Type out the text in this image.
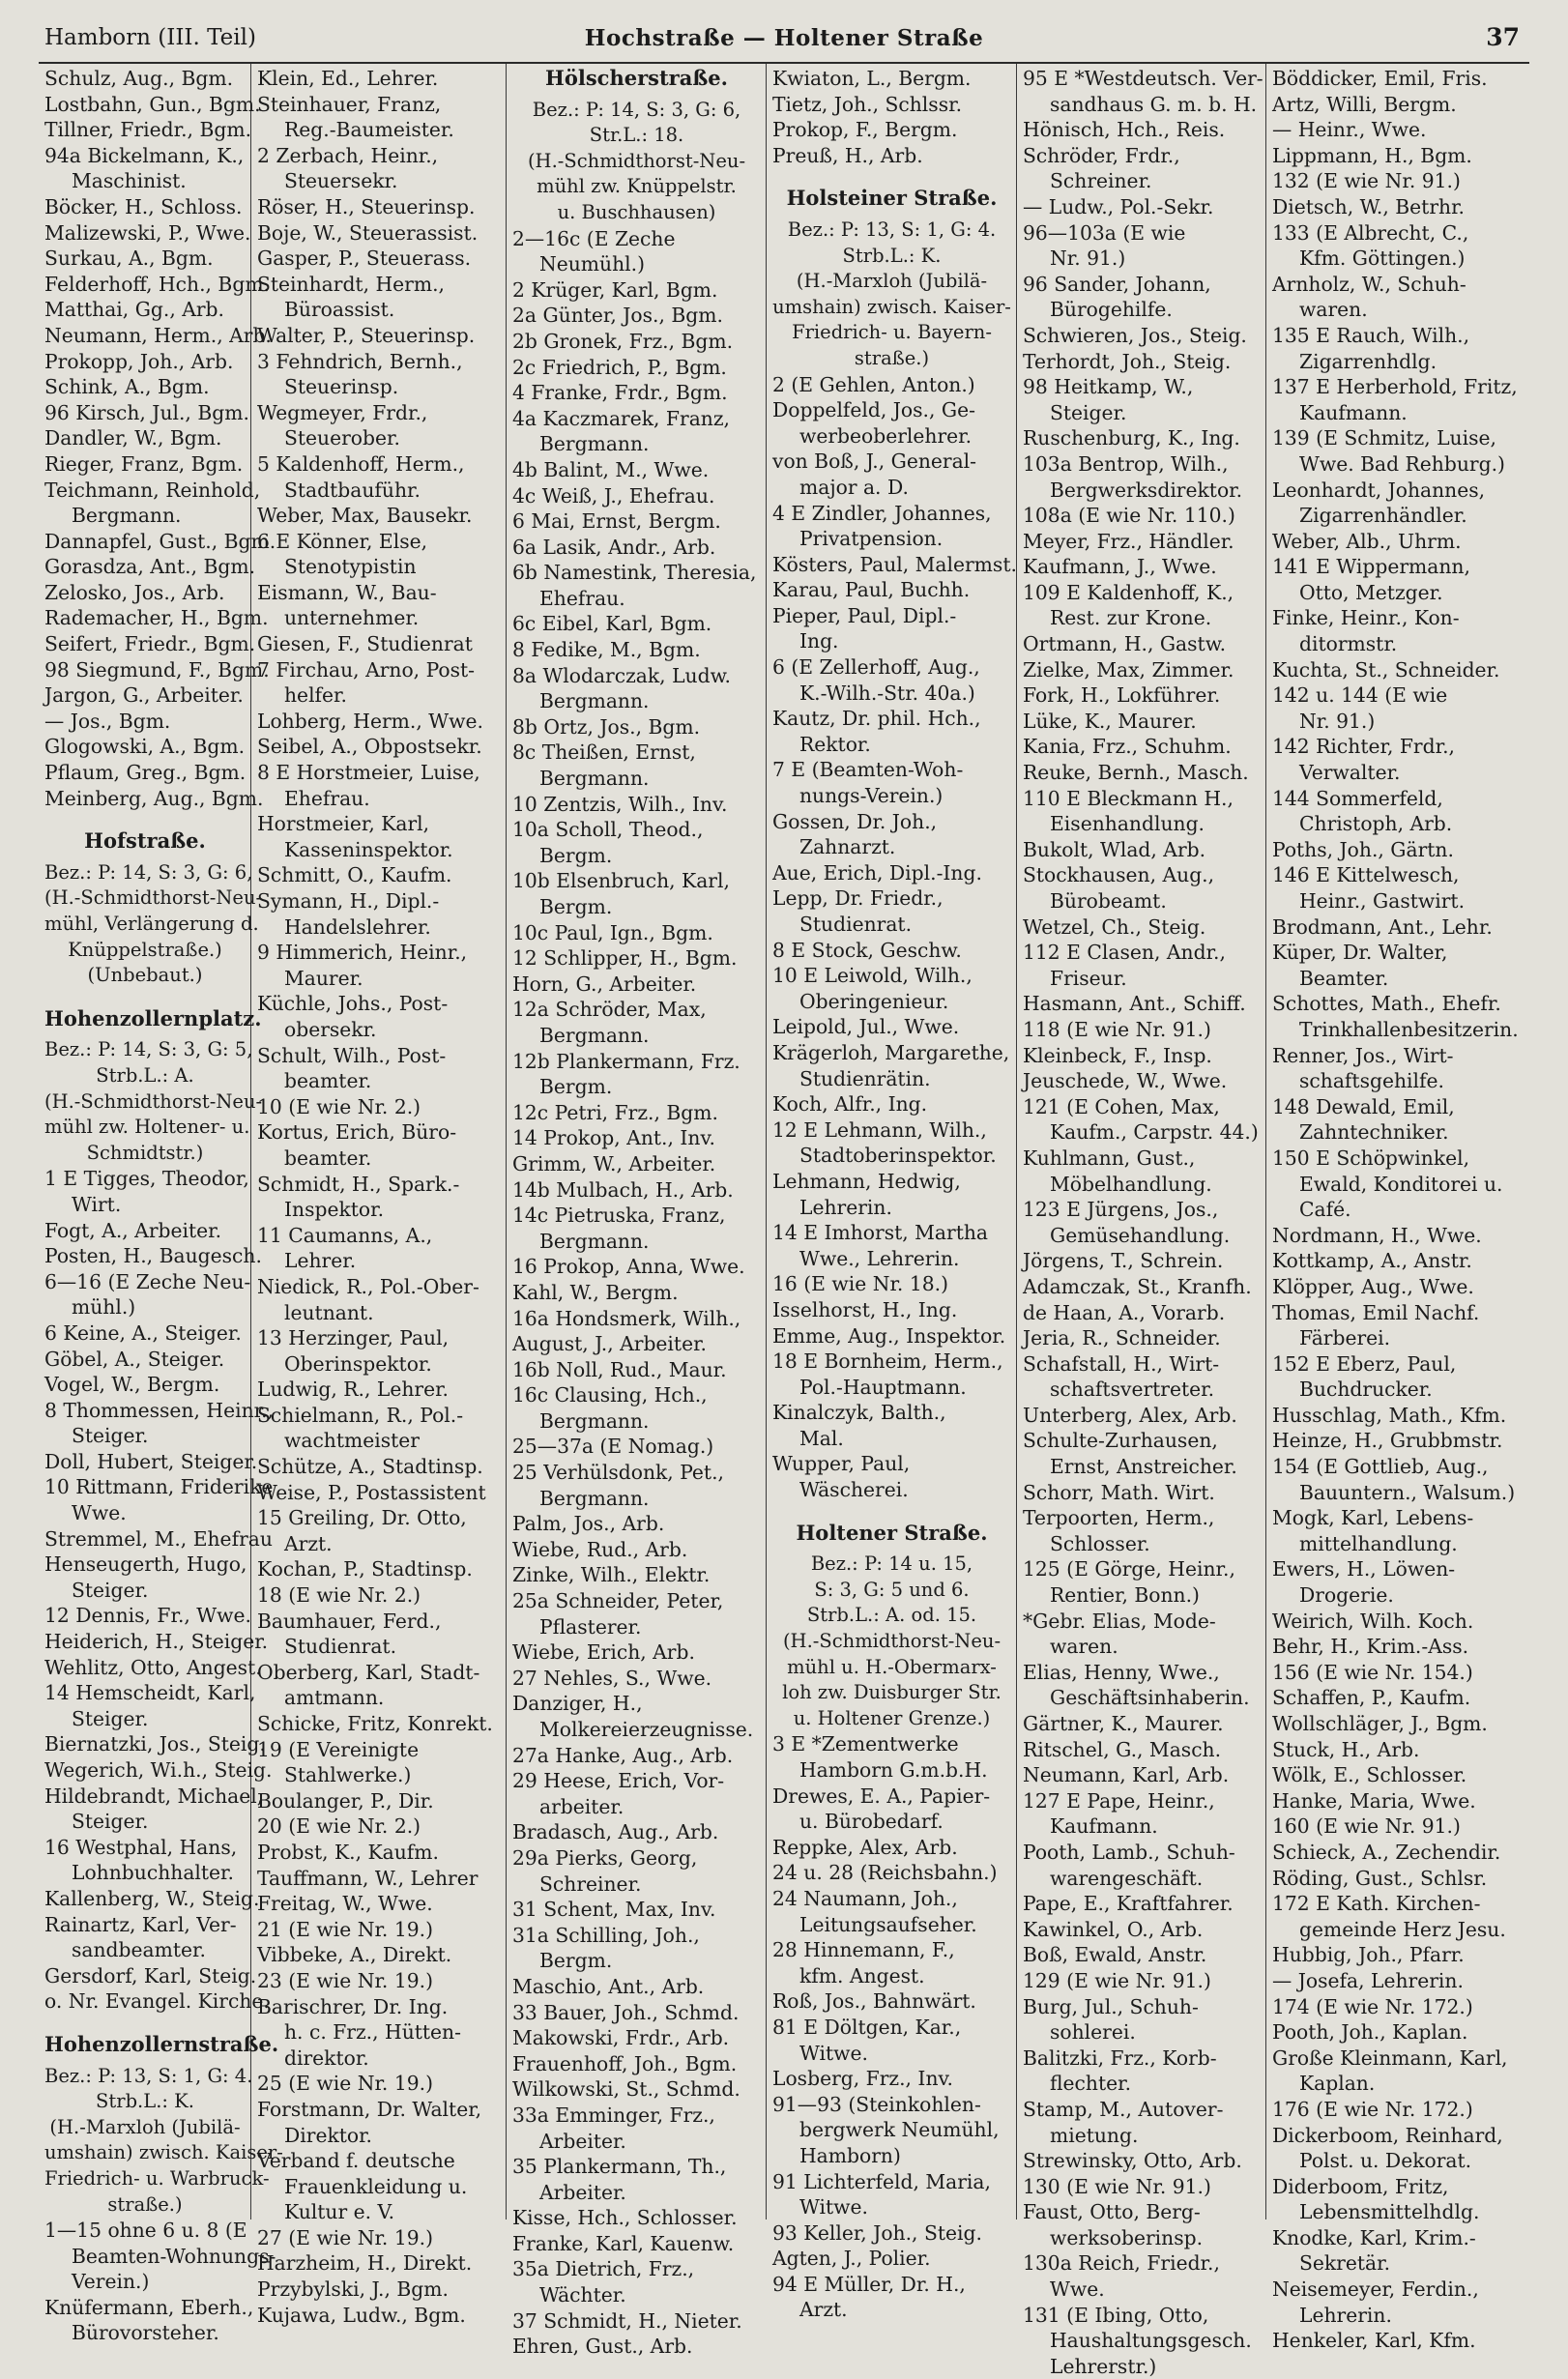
Hamborn (III. Teil)	Hochstraße — Holtener Straße	37
Schulz, Aug., Bgm.
Lostbahn, Gun., Bgm.
Tillner, Friedr., Bgm.
94a Bickelmann, K.,
Maschinist.
Böcker, H., Schloss.
Malizewski, P., Wwe.
Surkau, A., Bgm.
Felderhoff, Hch., Bgm.
Matthai, Gg., Arb.
Neumann, Herm., Arb.
Prokopp, Joh., Arb.
Schink, A., Bgm.
96 Kirsch, Jul., Bgm.
Dandler, W., Bgm.
Rieger, Franz, Bgm.
Teichmann, Reinhold,
Bergmann.
Dannapfel, Gust., Bgm.
Gorasdza, Ant., Bgm.
Zelosko, Jos., Arb.
Rademacher, H., Bgm.
Seifert, Friedr., Bgm.
98 Siegmund, F., Bgm.
Jargon, G., Arbeiter.
— Jos., Bgm.
Glogowski, A., Bgm.
Pflaum, Greg., Bgm.
Meinberg, Aug., Bgm.
Hofstraße.
Bez.: P: 14, S: 3, G: 6,
(H.-Schmidthorst-Neu-
mühl, Verlängerung d.
Knüppelstraße.)
(Unbebaut.)
Hohenzollernplatz.
Bez.: P: 14, S: 3, G: 5,
Strb.L.: A.
(H.-Schmidthorst-Neu-
mühl zw. Holtener- u.
Schmidtstr.)
1 E Tigges, Theodor,
Wirt.
Fogt, A., Arbeiter.
Posten, H., Baugesch.
6—16 (E Zeche Neu-
mühl.)
6 Keine, A., Steiger.
Göbel, A., Steiger.
Vogel, W., Bergm.
8 Thommessen, Heinr.,
Steiger.
Doll, Hubert, Steiger.
10 Rittmann, Friderike
Wwe.
Stremmel, M., Ehefrau
Henseugerth, Hugo,
Steiger.
12 Dennis, Fr., Wwe.
Heiderich, H., Steiger.
Wehlitz, Otto, Angest.
14 Hemscheidt, Karl,
Steiger.
Biernatzki, Jos., Steig.
Wegerich, Wi.h., Steig.
Hildebrandt, Michael,
Steiger.
16 Westphal, Hans,
Lohnbuchhalter.
Kallenberg, W., Steig.
Rainartz, Karl, Ver-
sandbeamter.
Gersdorf, Karl, Steig.
o. Nr. Evangel. Kirche.
Hohenzollernstraße.
Bez.: P: 13, S: 1, G: 4.
Strb.L.: K.
(H.-Marxloh (Jubilä-
umshain) zwisch. Kaiser-
Friedrich- u. Warbruck-
straße.)
1—15 ohne 6 u. 8 (E
Beamten-Wohnungs-
Verein.)
Knüfermann, Eberh.,
Bürovorsteher.
Klein, Ed., Lehrer.
Steinhauer, Franz,
Reg.-Baumeister.
2 Zerbach, Heinr.,
Steuersekr.
Röser, H., Steuerinsp.
Boje, W., Steuerassist.
Gasper, P., Steuerass.
Steinhardt, Herm.,
Büroassist.
Walter, P., Steuerinsp.
3 Fehndrich, Bernh.,
Steuerinsp.
Wegmeyer, Frdr.,
Steuerober.
5 Kaldenhoff, Herm.,
Stadtbauführ.
Weber, Max, Bausekr.
6 E Könner, Else,
Stenotypistin
Eismann, W., Bau-
unternehmer.
Giesen, F., Studienrat
7 Firchau, Arno, Post-
helfer.
Lohberg, Herm., Wwe.
Seibel, A., Obpostsekr.
8 E Horstmeier, Luise,
Ehefrau.
Horstmeier, Karl,
Kasseninspektor.
Schmitt, O., Kaufm.
Symann, H., Dipl.-
Handelslehrer.
9 Himmerich, Heinr.,
Maurer.
Küchle, Johs., Post-
obersekr.
Schult, Wilh., Post-
beamter.
10 (E wie Nr. 2.)
Kortus, Erich, Büro-
beamter.
Schmidt, H., Spark.-
Inspektor.
11 Caumanns, A.,
Lehrer.
Niedick, R., Pol.-Ober-
leutnant.
13 Herzinger, Paul,
Oberinspektor.
Ludwig, R., Lehrer.
Schielmann, R., Pol.-
wachtmeister
Schütze, A., Stadtinsp.
Weise, P., Postassistent
15 Greiling, Dr. Otto,
Arzt.
Kochan, P., Stadtinsp.
18 (E wie Nr. 2.)
Baumhauer, Ferd.,
Studienrat.
Oberberg, Karl, Stadt-
amtmann.
Schicke, Fritz, Konrekt.
19 (E Vereinigte
Stahlwerke.)
Boulanger, P., Dir.
20 (E wie Nr. 2.)
Probst, K., Kaufm.
Tauffmann, W., Lehrer
Freitag, W., Wwe.
21 (E wie Nr. 19.)
Vibbeke, A., Direkt.
23 (E wie Nr. 19.)
Barischrer, Dr. Ing.
h. c. Frz., Hütten-
direktor.
25 (E wie Nr. 19.)
Forstmann, Dr. Walter,
Direktor.
Verband f. deutsche
Frauenkleidung u.
Kultur e. V.
27 (E wie Nr. 19.)
Harzheim, H., Direkt.
Przybylski, J., Bgm.
Kujawa, Ludw., Bgm.
Hölscherstraße.
Bez.: P: 14, S: 3, G: 6,
Str.L.: 18.
(H.-Schmidthorst-Neu-
mühl zw. Knüppelstr.
u. Buschhausen)
2—16c (E Zeche
Neumühl.)
2 Krüger, Karl, Bgm.
2a Günter, Jos., Bgm.
2b Gronek, Frz., Bgm.
2c Friedrich, P., Bgm.
4 Franke, Frdr., Bgm.
4a Kaczmarek, Franz,
Bergmann.
4b Balint, M., Wwe.
4c Weiß, J., Ehefrau.
6 Mai, Ernst, Bergm.
6a Lasik, Andr., Arb.
6b Namestink, Theresia,
Ehefrau.
6c Eibel, Karl, Bgm.
8 Fedike, M., Bgm.
8a Wlodarczak, Ludw.
Bergmann.
8b Ortz, Jos., Bgm.
8c Theißen, Ernst,
Bergmann.
10 Zentzis, Wilh., Inv.
10a Scholl, Theod.,
Bergm.
10b Elsenbruch, Karl,
Bergm.
10c Paul, Ign., Bgm.
12 Schlipper, H., Bgm.
Horn, G., Arbeiter.
12a Schröder, Max,
Bergmann.
12b Plankermann, Frz.
Bergm.
12c Petri, Frz., Bgm.
14 Prokop, Ant., Inv.
Grimm, W., Arbeiter.
14b Mulbach, H., Arb.
14c Pietruska, Franz,
Bergmann.
16 Prokop, Anna, Wwe.
Kahl, W., Bergm.
16a Hondsmerk, Wilh.,
August, J., Arbeiter.
16b Noll, Rud., Maur.
16c Clausing, Hch.,
Bergmann.
25—37a (E Nomag.)
25 Verhülsdonk, Pet.,
Bergmann.
Palm, Jos., Arb.
Wiebe, Rud., Arb.
Zinke, Wilh., Elektr.
25a Schneider, Peter,
Pflasterer.
Wiebe, Erich, Arb.
27 Nehles, S., Wwe.
Danziger, H.,
Molkereierzeugnisse.
27a Hanke, Aug., Arb.
29 Heese, Erich, Vor-
arbeiter.
Bradasch, Aug., Arb.
29a Pierks, Georg,
Schreiner.
31 Schent, Max, Inv.
31a Schilling, Joh.,
Bergm.
Maschio, Ant., Arb.
33 Bauer, Joh., Schmd.
Makowski, Frdr., Arb.
Frauenhoff, Joh., Bgm.
Wilkowski, St., Schmd.
33a Emminger, Frz.,
Arbeiter.
35 Plankermann, Th.,
Arbeiter.
Kisse, Hch., Schlosser.
Franke, Karl, Kauenw.
35a Dietrich, Frz.,
Wächter.
37 Schmidt, H., Nieter.
Ehren, Gust., Arb.
Kwiaton, L., Bergm.
Tietz, Joh., Schlssr.
Prokop, F., Bergm.
Preuß, H., Arb.
Holsteiner Straße.
Bez.: P: 13, S: 1, G: 4.
Strb.L.: K.
(H.-Marxloh (Jubilä-
umshain) zwisch. Kaiser-
Friedrich- u. Bayern-
straße.)
2 (E Gehlen, Anton.)
Doppelfeld, Jos., Ge-
werbeoberlehrer.
von Boß, J., General-
major a. D.
4 E Zindler, Johannes,
Privatpension.
Kösters, Paul, Malermst.
Karau, Paul, Buchh.
Pieper, Paul, Dipl.-
Ing.
6 (E Zellerhoff, Aug.,
K.-Wilh.-Str. 40a.)
Kautz, Dr. phil. Hch.,
Rektor.
7 E (Beamten-Woh-
nungs-Verein.)
Gossen, Dr. Joh.,
Zahnarzt.
Aue, Erich, Dipl.-Ing.
Lepp, Dr. Friedr.,
Studienrat.
8 E Stock, Geschw.
10 E Leiwold, Wilh.,
Oberingenieur.
Leipold, Jul., Wwe.
Krägerloh, Margarethe,
Studienrätin.
Koch, Alfr., Ing.
12 E Lehmann, Wilh.,
Stadtoberinspektor.
Lehmann, Hedwig,
Lehrerin.
14 E Imhorst, Martha
Wwe., Lehrerin.
16 (E wie Nr. 18.)
Isselhorst, H., Ing.
Emme, Aug., Inspektor.
18 E Bornheim, Herm.,
Pol.-Hauptmann.
Kinalczyk, Balth.,
Mal.
Wupper, Paul,
Wäscherei.
Holtener Straße.
Bez.: P: 14 u. 15,
S: 3, G: 5 und 6.
Strb.L.: A. od. 15.
(H.-Schmidthorst-Neu-
mühl u. H.-Obermarx-
loh zw. Duisburger Str.
u. Holtener Grenze.)
3 E *Zementwerke
Hamborn G.m.b.H.
Drewes, E. A., Papier-
u. Bürobedarf.
Reppke, Alex, Arb.
24 u. 28 (Reichsbahn.)
24 Naumann, Joh.,
Leitungsaufseher.
28 Hinnemann, F.,
kfm. Angest.
Roß, Jos., Bahnwärt.
81 E Döltgen, Kar.,
Witwe.
Losberg, Frz., Inv.
91—93 (Steinkohlen-
bergwerk Neumühl,
Hamborn)
91 Lichterfeld, Maria,
Witwe.
93 Keller, Joh., Steig.
Agten, J., Polier.
94 E Müller, Dr. H.,
Arzt.
95 E *Westdeutsch. Ver-
sandhaus G. m. b. H.
Hönisch, Hch., Reis.
Schröder, Frdr.,
Schreiner.
— Ludw., Pol.-Sekr.
96—103a (E wie
Nr. 91.)
96 Sander, Johann,
Bürogehilfe.
Schwieren, Jos., Steig.
Terhordt, Joh., Steig.
98 Heitkamp, W.,
Steiger.
Ruschenburg, K., Ing.
103a Bentrop, Wilh.,
Bergwerksdirektor.
108a (E wie Nr. 110.)
Meyer, Frz., Händler.
Kaufmann, J., Wwe.
109 E Kaldenhoff, K.,
Rest. zur Krone.
Ortmann, H., Gastw.
Zielke, Max, Zimmer.
Fork, H., Lokführer.
Lüke, K., Maurer.
Kania, Frz., Schuhm.
Reuke, Bernh., Masch.
110 E Bleckmann H.,
Eisenhandlung.
Bukolt, Wlad, Arb.
Stockhausen, Aug.,
Bürobeamt.
Wetzel, Ch., Steig.
112 E Clasen, Andr.,
Friseur.
Hasmann, Ant., Schiff.
118 (E wie Nr. 91.)
Kleinbeck, F., Insp.
Jeuschede, W., Wwe.
121 (E Cohen, Max,
Kaufm., Carpstr. 44.)
Kuhlmann, Gust.,
Möbelhandlung.
123 E Jürgens, Jos.,
Gemüsehandlung.
Jörgens, T., Schrein.
Adamczak, St., Kranfh.
de Haan, A., Vorarb.
Jeria, R., Schneider.
Schafstall, H., Wirt-
schaftsvertreter.
Unterberg, Alex, Arb.
Schulte-Zurhausen,
Ernst, Anstreicher.
Schorr, Math. Wirt.
Terpoorten, Herm.,
Schlosser.
125 (E Görge, Heinr.,
Rentier, Bonn.)
*Gebr. Elias, Mode-
waren.
Elias, Henny, Wwe.,
Geschäftsinhaberin.
Gärtner, K., Maurer.
Ritschel, G., Masch.
Neumann, Karl, Arb.
127 E Pape, Heinr.,
Kaufmann.
Pooth, Lamb., Schuh-
warengeschäft.
Pape, E., Kraftfahrer.
Kawinkel, O., Arb.
Boß, Ewald, Anstr.
129 (E wie Nr. 91.)
Burg, Jul., Schuh-
sohlerei.
Balitzki, Frz., Korb-
flechter.
Stamp, M., Autover-
mietung.
Strewinsky, Otto, Arb.
130 (E wie Nr. 91.)
Faust, Otto, Berg-
werksoberinsp.
130a Reich, Friedr.,
Wwe.
131 (E Ibing, Otto,
Haushaltungsgesch.
Lehrerstr.)
Böddicker, Emil, Fris.
Artz, Willi, Bergm.
— Heinr., Wwe.
Lippmann, H., Bgm.
132 (E wie Nr. 91.)
Dietsch, W., Betrhr.
133 (E Albrecht, C.,
Kfm. Göttingen.)
Arnholz, W., Schuh-
waren.
135 E Rauch, Wilh.,
Zigarrenhdlg.
137 E Herberhold, Fritz,
Kaufmann.
139 (E Schmitz, Luise,
Wwe. Bad Rehburg.)
Leonhardt, Johannes,
Zigarrenhändler.
Weber, Alb., Uhrm.
141 E Wippermann,
Otto, Metzger.
Finke, Heinr., Kon-
ditormstr.
Kuchta, St., Schneider.
142 u. 144 (E wie
Nr. 91.)
142 Richter, Frdr.,
Verwalter.
144 Sommerfeld,
Christoph, Arb.
Poths, Joh., Gärtn.
146 E Kittelwesch,
Heinr., Gastwirt.
Brodmann, Ant., Lehr.
Küper, Dr. Walter,
Beamter.
Schottes, Math., Ehefr.
Trinkhallenbesitzerin.
Renner, Jos., Wirt-
schaftsgehilfe.
148 Dewald, Emil,
Zahntechniker.
150 E Schöpwinkel,
Ewald, Konditorei u.
Café.
Nordmann, H., Wwe.
Kottkamp, A., Anstr.
Klöpper, Aug., Wwe.
Thomas, Emil Nachf.
Färberei.
152 E Eberz, Paul,
Buchdrucker.
Husschlag, Math., Kfm.
Heinze, H., Grubbmstr.
154 (E Gottlieb, Aug.,
Bauuntern., Walsum.)
Mogk, Karl, Lebens-
mittelhandlung.
Ewers, H., Löwen-
Drogerie.
Weirich, Wilh. Koch.
Behr, H., Krim.-Ass.
156 (E wie Nr. 154.)
Schaffen, P., Kaufm.
Wollschläger, J., Bgm.
Stuck, H., Arb.
Wölk, E., Schlosser.
Hanke, Maria, Wwe.
160 (E wie Nr. 91.)
Schieck, A., Zechendir.
Röding, Gust., Schlsr.
172 E Kath. Kirchen-
gemeinde Herz Jesu.
Hubbig, Joh., Pfarr.
— Josefa, Lehrerin.
174 (E wie Nr. 172.)
Pooth, Joh., Kaplan.
Große Kleinmann, Karl,
Kaplan.
176 (E wie Nr. 172.)
Dickerboom, Reinhard,
Polst. u. Dekorat.
Diderboom, Fritz,
Lebensmittelhdlg.
Knodke, Karl, Krim.-
Sekretär.
Neisemeyer, Ferdin.,
Lehrerin.
Henkeler, Karl, Kfm.
